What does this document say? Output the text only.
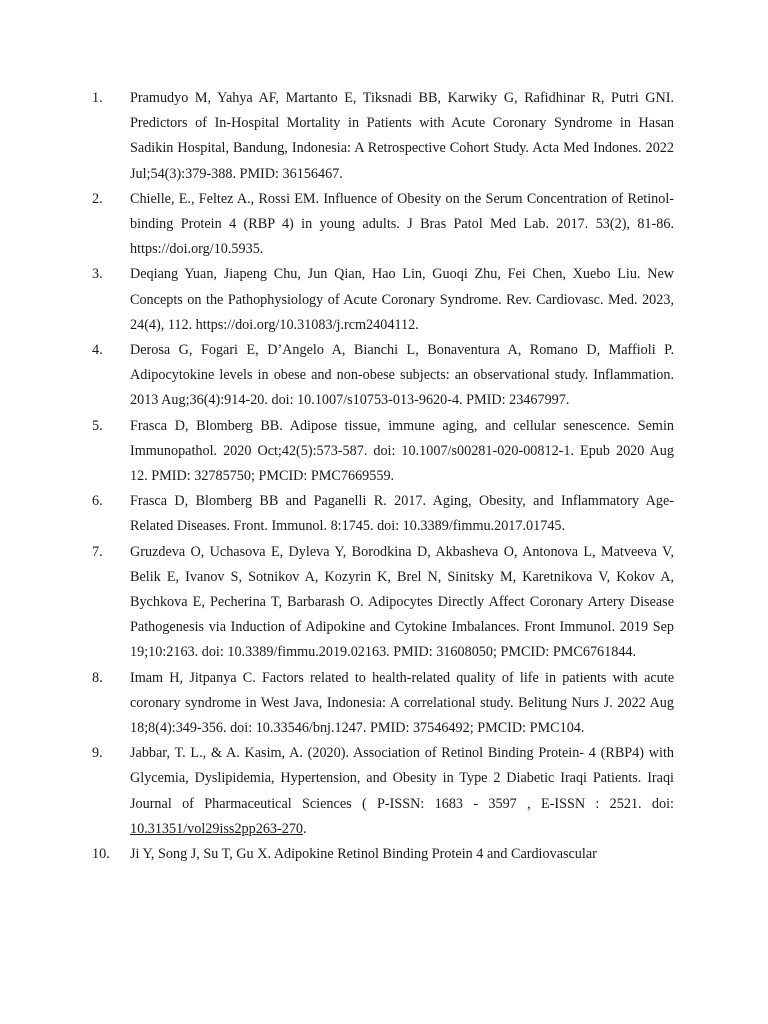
1.	Pramudyo M, Yahya AF, Martanto E, Tiksnadi BB, Karwiky G, Rafidhinar R, Putri GNI. Predictors of In-Hospital Mortality in Patients with Acute Coronary Syndrome in Hasan Sadikin Hospital, Bandung, Indonesia: A Retrospective Cohort Study. Acta Med Indones. 2022 Jul;54(3):379-388. PMID: 36156467.
2.	Chielle, E., Feltez A., Rossi EM. Influence of Obesity on the Serum Concentration of Retinol-binding Protein 4 (RBP 4) in young adults. J Bras Patol Med Lab. 2017. 53(2), 81-86. https://doi.org/10.5935.
3.	Deqiang Yuan, Jiapeng Chu, Jun Qian, Hao Lin, Guoqi Zhu, Fei Chen, Xuebo Liu. New Concepts on the Pathophysiology of Acute Coronary Syndrome. Rev. Cardiovasc. Med. 2023, 24(4), 112. https://doi.org/10.31083/j.rcm2404112.
4.	Derosa G, Fogari E, D’Angelo A, Bianchi L, Bonaventura A, Romano D, Maffioli P. Adipocytokine levels in obese and non-obese subjects: an observational study. Inflammation. 2013 Aug;36(4):914-20. doi: 10.1007/s10753-013-9620-4. PMID: 23467997.
5.	Frasca D, Blomberg BB. Adipose tissue, immune aging, and cellular senescence. Semin Immunopathol. 2020 Oct;42(5):573-587. doi: 10.1007/s00281-020-00812-1. Epub 2020 Aug 12. PMID: 32785750; PMCID: PMC7669559.
6.	Frasca D, Blomberg BB and Paganelli R. 2017. Aging, Obesity, and Inflammatory Age- Related Diseases. Front. Immunol. 8:1745. doi: 10.3389/fimmu.2017.01745.
7.	Gruzdeva O, Uchasova E, Dyleva Y, Borodkina D, Akbasheva O, Antonova L, Matveeva V, Belik E, Ivanov S, Sotnikov A, Kozyrin K, Brel N, Sinitsky M, Karetnikova V, Kokov A, Bychkova E, Pecherina T, Barbarash O. Adipocytes Directly Affect Coronary Artery Disease Pathogenesis via Induction of Adipokine and Cytokine Imbalances. Front Immunol. 2019 Sep 19;10:2163. doi: 10.3389/fimmu.2019.02163. PMID: 31608050; PMCID: PMC6761844.
8.	Imam H, Jitpanya C. Factors related to health-related quality of life in patients with acute coronary syndrome in West Java, Indonesia: A correlational study. Belitung Nurs J. 2022 Aug 18;8(4):349-356. doi: 10.33546/bnj.1247. PMID: 37546492; PMCID: PMC104.
9.	Jabbar, T. L., & A. Kasim, A. (2020). Association of Retinol Binding Protein- 4 (RBP4) with Glycemia, Dyslipidemia, Hypertension, and Obesity in Type 2 Diabetic Iraqi Patients. Iraqi Journal of Pharmaceutical Sciences ( P-ISSN: 1683 - 3597 , E-ISSN : 2521. doi: 10.31351/vol29iss2pp263-270.
10.	Ji Y, Song J, Su T, Gu X. Adipokine Retinol Binding Protein 4 and Cardiovascular
